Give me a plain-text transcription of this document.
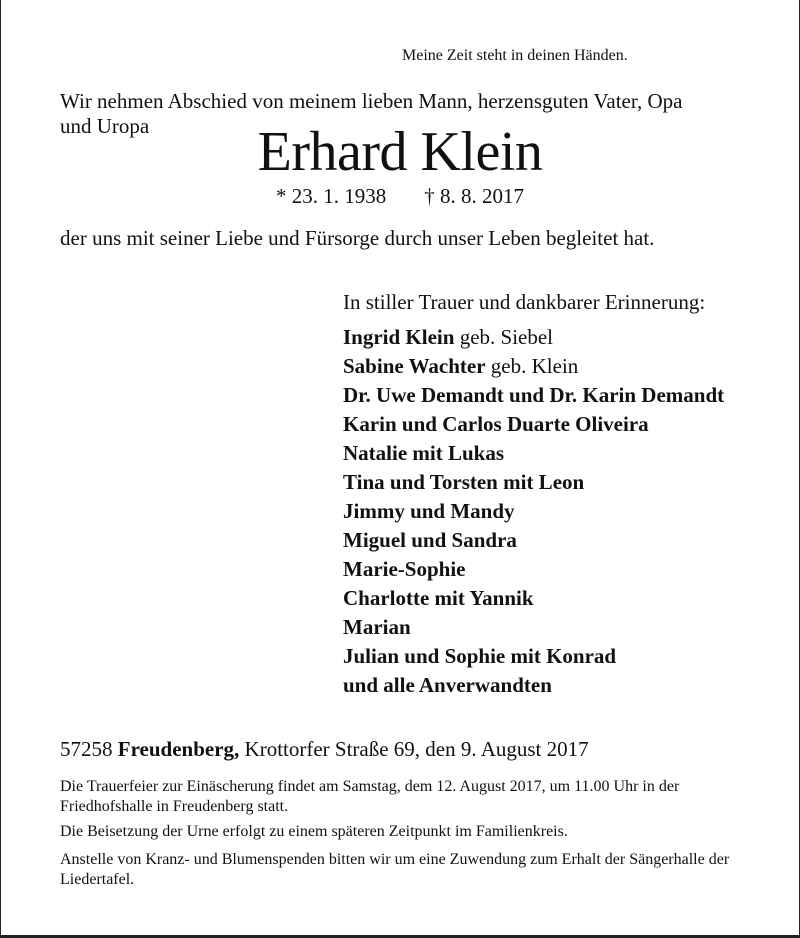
Meine Zeit steht in deinen Händen.
Wir nehmen Abschied von meinem lieben Mann, herzensguten Vater, Opa
und Uropa	Erhard Klein
* 23. 1. 1938 † 8. 8. 2017
der uns mit seiner Liebe und Fürsorge durch unser Leben begleitet hat.
In stiller Trauer und dankbarer Erinnerung:
Ingrid Klein geb. Siebel
Sabine Wachter geb. Klein
Dr. Uwe Demandt und Dr. Karin Demandt
Karin und Carlos Duarte Oliveira
Natalie mit Lukas
Tina und Torsten mit Leon
Jimmy und Mandy
Miguel und Sandra
Marie-Sophie
Charlotte mit Yannik
Marian
Julian und Sophie mit Konrad
und alle Anverwandten
57258 Freudenberg, Krottorfer Straße 69, den 9. August 2017
Die Trauerfeier zur Einäscherung findet am Samstag, dem 12. August 2017, um 11.00 Uhr in der Friedhofshalle in Freudenberg statt.
Die Beisetzung der Urne erfolgt zu einem späteren Zeitpunkt im Familienkreis.
Anstelle von Kranz- und Blumenspenden bitten wir um eine Zuwendung zum Erhalt der Sängerhalle der Liedertafel.
